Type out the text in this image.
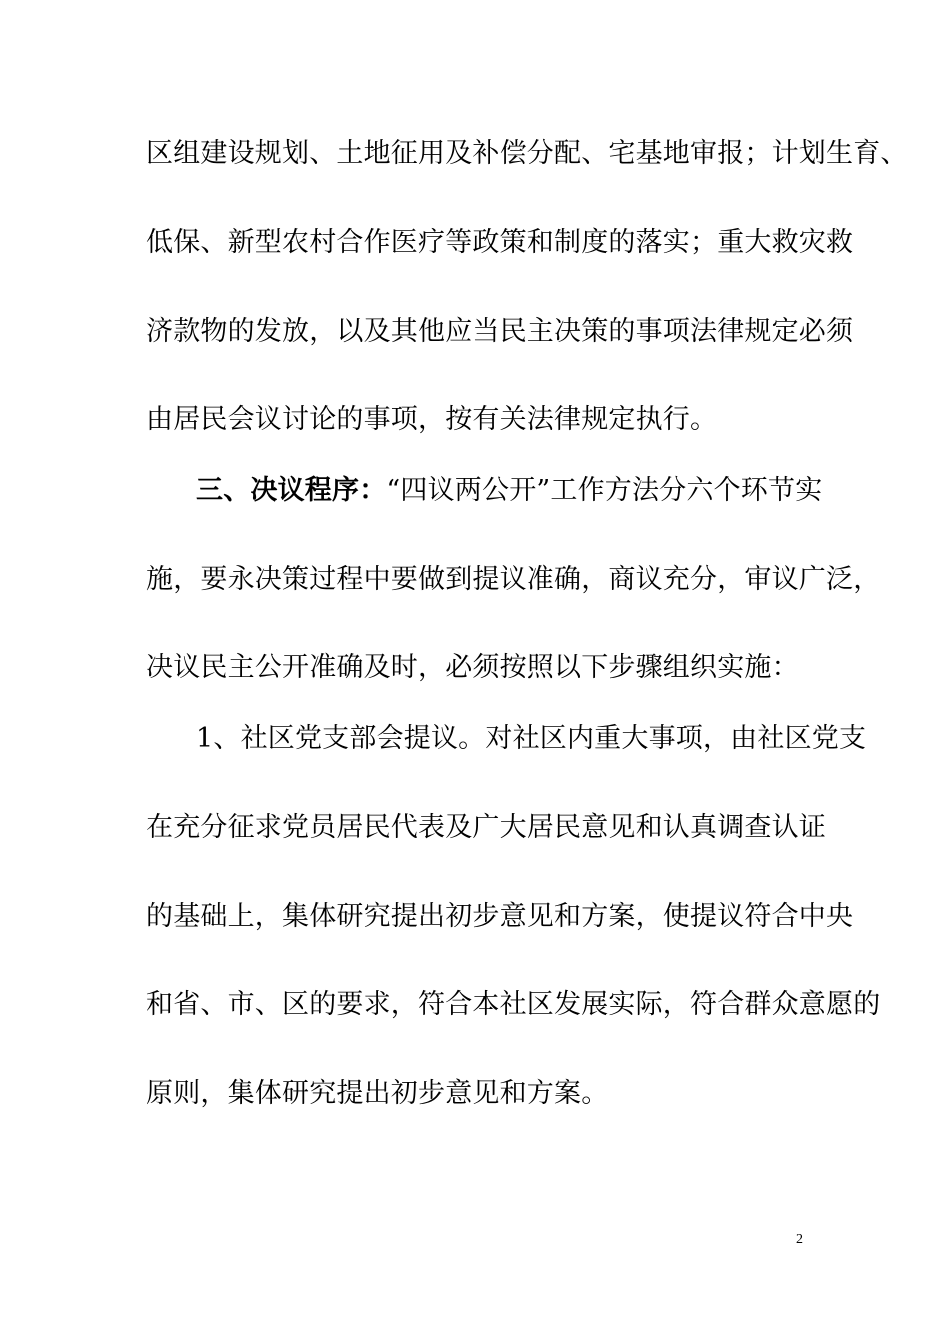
区组建设规划、土地征用及补偿分配、宅基地审报；计划生育、
低保、新型农村合作医疗等政策和制度的落实；重大救灾救
济款物的发放，以及其他应当民主决策的事项法律规定必须
由居民会议讨论的事项，按有关法律规定执行。
三、决议程序：“四议两公开”工作方法分六个环节实
施，要永决策过程中要做到提议准确，商议充分，审议广泛，
决议民主公开准确及时，必须按照以下步骤组织实施：
1、社区党支部会提议。对社区内重大事项，由社区党支
在充分征求党员居民代表及广大居民意见和认真调查认证
的基础上，集体研究提出初步意见和方案，使提议符合中央
和省、市、区的要求，符合本社区发展实际，符合群众意愿的
原则，集体研究提出初步意见和方案。
2
